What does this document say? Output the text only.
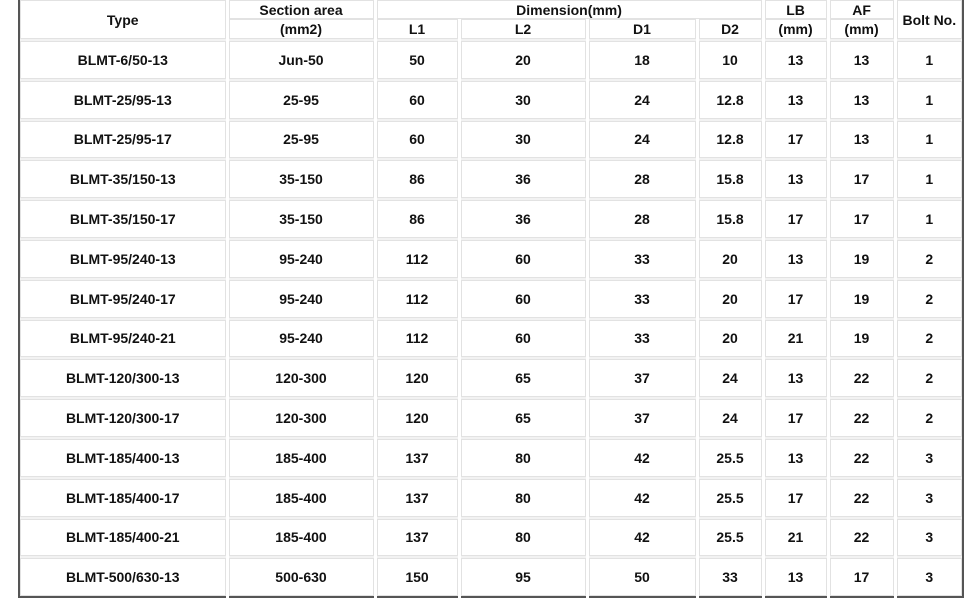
Type	Section area	Dimension(mm)				LB	AF	Bolt No.
	(mm2)	L1	L2	D1	D2	(mm)	(mm)	
BLMT-6/50-13	Jun-50	50	20	18	10	13	13	1
BLMT-25/95-13	25-95	60	30	24	12.8	13	13	1
BLMT-25/95-17	25-95	60	30	24	12.8	17	13	1
BLMT-35/150-13	35-150	86	36	28	15.8	13	17	1
BLMT-35/150-17	35-150	86	36	28	15.8	17	17	1
BLMT-95/240-13	95-240	112	60	33	20	13	19	2
BLMT-95/240-17	95-240	112	60	33	20	17	19	2
BLMT-95/240-21	95-240	112	60	33	20	21	19	2
BLMT-120/300-13	120-300	120	65	37	24	13	22	2
BLMT-120/300-17	120-300	120	65	37	24	17	22	2
BLMT-185/400-13	185-400	137	80	42	25.5	13	22	3
BLMT-185/400-17	185-400	137	80	42	25.5	17	22	3
BLMT-185/400-21	185-400	137	80	42	25.5	21	22	3
BLMT-500/630-13	500-630	150	95	50	33	13	17	3
